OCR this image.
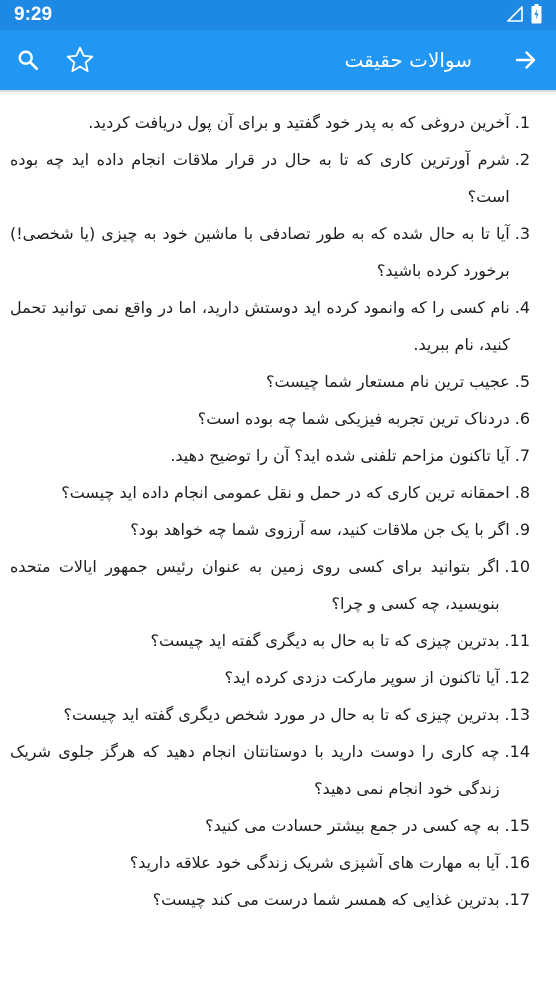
9:29
سوالات حقیقت
1.
آخرین دروغی که به پدر خود گفتید و برای آن پول دریافت کردید.
2.
شرم آورترین کاری که تا به حال در قرار ملاقات انجام داده اید چه بوده است؟
3.
آیا تا به حال شده که به طور تصادفی با ماشین خود به چیزی (یا شخصی!) برخورد کرده باشید؟
4.
نام کسی را که وانمود کرده اید دوستش دارید، اما در واقع نمی توانید تحمل کنید، نام ببرید.
5.
عجیب ترین نام مستعار شما چیست؟
6.
دردناک ترین تجربه فیزیکی شما چه بوده است؟
7.
آیا تاکنون مزاحم تلفنی شده اید؟ آن را توضیح دهید.
8.
احمقانه ترین کاری که در حمل و نقل عمومی انجام داده اید چیست؟
9.
اگر با یک جن ملاقات کنید، سه آرزوی شما چه خواهد بود؟
10.
اگر بتوانید برای کسی روی زمین به عنوان رئیس جمهور ایالات متحده بنویسید، چه کسی و چرا؟
11.
بدترین چیزی که تا به حال به دیگری گفته اید چیست؟
12.
آیا تاکنون از سوپر مارکت دزدی کرده اید؟
13.
بدترین چیزی که تا به حال در مورد شخص دیگری گفته اید چیست؟
14.
چه کاری را دوست دارید با دوستانتان انجام دهید که هرگز جلوی شریک زندگی خود انجام نمی دهید؟
15.
به چه کسی در جمع بیشتر حسادت می کنید؟
16.
آیا به مهارت های آشپزی شریک زندگی خود علاقه دارید؟
17.
بدترین غذایی که همسر شما درست می کند چیست؟
